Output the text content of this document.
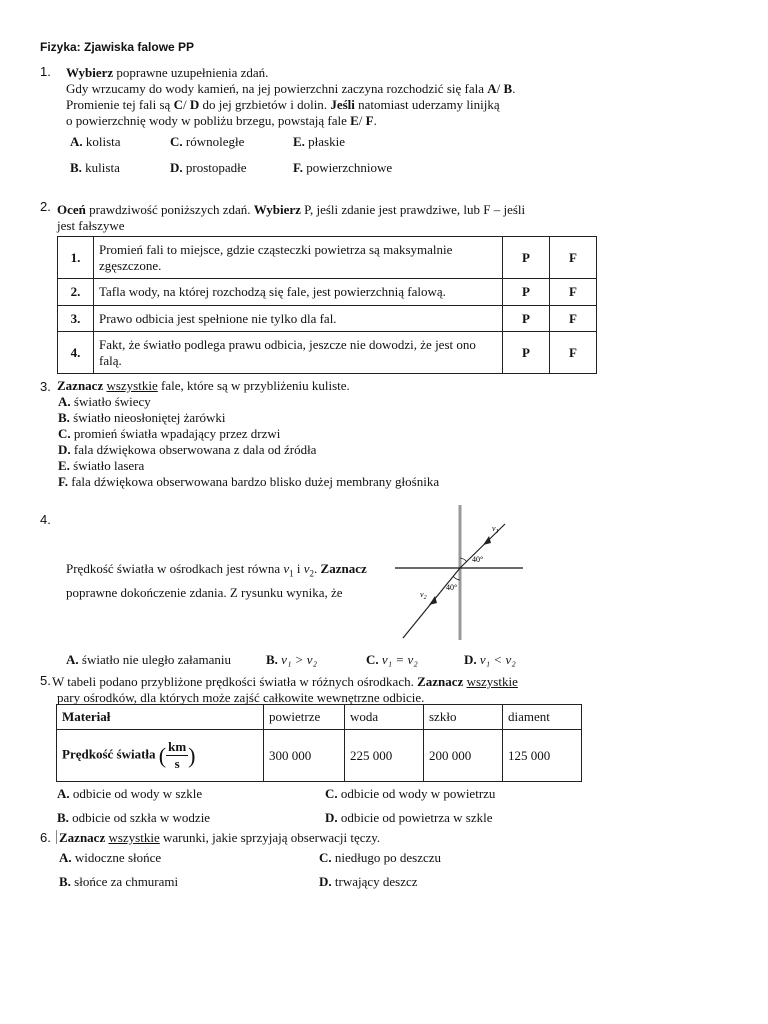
Fizyka: Zjawiska falowe PP
1. Wybierz poprawne uzupełnienia zdań.
Gdy wrzucamy do wody kamień, na jej powierzchni zaczyna rozchodzić się fala A/ B.
Promienie tej fali są C/ D do jej grzbietów i dolin. Jeśli natomiast uderzamy linijką
o powierzchnię wody w pobliżu brzegu, powstają fale E/ F.
A. kolista	C. równoległe	E. płaskie
B. kulista	D. prostopadłe	F. powierzchniowe
2. Oceń prawdziwość poniższych zdań. Wybierz P, jeśli zdanie jest prawdziwe, lub F – jeśli
jest fałszywe
1.	Promień fali to miejsce, gdzie cząsteczki powietrza są maksymalnie zgęszczone.	P	F
2.	Tafla wody, na której rozchodzą się fale, jest powierzchnią falową.	P	F
3.	Prawo odbicia jest spełnione nie tylko dla fal.	P	F
4.	Fakt, że światło podlega prawu odbicia, jeszcze nie dowodzi, że jest ono falą.	P	F
3. Zaznacz wszystkie fale, które są w przybliżeniu kuliste.
A. światło świecy
B. światło nieosłoniętej żarówki
C. promień światła wpadający przez drzwi
D. fala dźwiękowa obserwowana z dala od źródła
E. światło lasera
F. fala dźwiękowa obserwowana bardzo blisko dużej membrany głośnika
4.
Prędkość światła w ośrodkach jest równa $v_1$ i $v_2$. Zaznacz
poprawne dokończenie zdania. Z rysunku wynika, że
40°
40°
$v_1$
$v_2$
A. światło nie uległo załamaniu	B. v₁ > v₂	C. v₁ = v₂	D. v₁ < v₂
5. W tabeli podano przybliżone prędkości światła w różnych ośrodkach. Zaznacz wszystkie
pary ośrodków, dla których może zajść całkowite wewnętrzne odbicie.
Materiał	powietrze	woda	szkło	diament
Prędkość światła ( $\frac{km}{s}$ )	300 000	225 000	200 000	125 000
A. odbicie od wody w szkle	C. odbicie od wody w powietrzu
B. odbicie od szkła w wodzie	D. odbicie od powietrza w szkle
6. Zaznacz wszystkie warunki, jakie sprzyjają obserwacji tęczy.
A. widoczne słońce	C. niedługo po deszczu
B. słońce za chmurami	D. trwający deszcz
